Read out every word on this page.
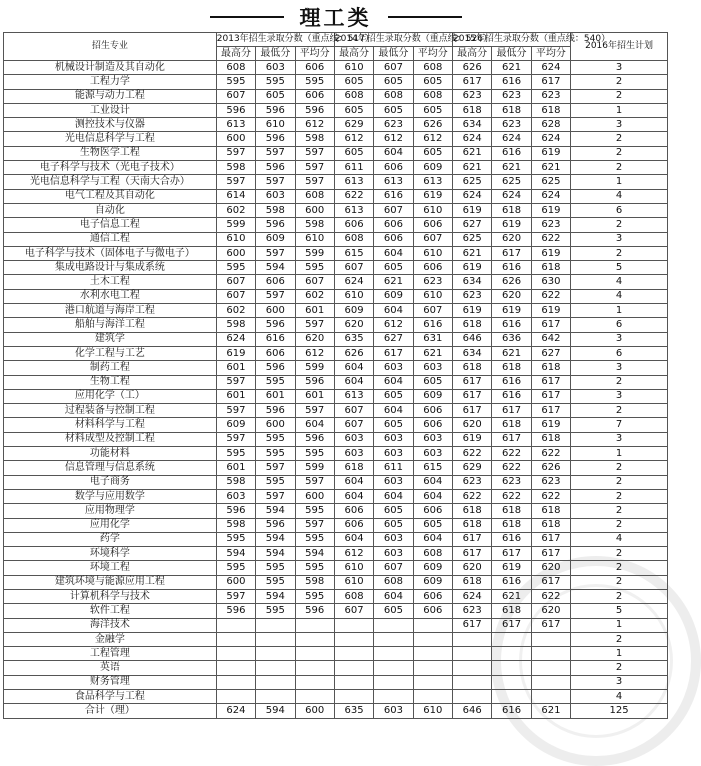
理工类
招生专业	2013年招生录取分数（重点线：517）			2014年招生录取分数（重点线：526）			2015年招生录取分数（重点线：540）			2016年招生计划
	最高分	最低分	平均分	最高分	最低分	平均分	最高分	最低分	平均分	
机械设计制造及其自动化	608	603	606	610	607	608	626	621	624	3
工程力学	595	595	595	605	605	605	617	616	617	2
能源与动力工程	607	605	606	608	608	608	623	623	623	2
工业设计	596	596	596	605	605	605	618	618	618	1
测控技术与仪器	613	610	612	629	623	626	634	623	628	3
光电信息科学与工程	600	596	598	612	612	612	624	624	624	2
生物医学工程	597	597	597	605	604	605	621	616	619	2
电子科学与技术（光电子技术）	598	596	597	611	606	609	621	621	621	2
光电信息科学与工程（天南大合办）	597	597	597	613	613	613	625	625	625	1
电气工程及其自动化	614	603	608	622	616	619	624	624	624	4
自动化	602	598	600	613	607	610	619	618	619	6
电子信息工程	599	596	598	606	606	606	627	619	623	2
通信工程	610	609	610	608	606	607	625	620	622	3
电子科学与技术（固体电子与微电子）	600	597	599	615	604	610	621	617	619	2
集成电路设计与集成系统	595	594	595	607	605	606	619	616	618	5
土木工程	607	606	607	624	621	623	634	626	630	4
水利水电工程	607	597	602	610	609	610	623	620	622	4
港口航道与海岸工程	602	600	601	609	604	607	619	619	619	1
船舶与海洋工程	598	596	597	620	612	616	618	616	617	6
建筑学	624	616	620	635	627	631	646	636	642	3
化学工程与工艺	619	606	612	626	617	621	634	621	627	6
制药工程	601	596	599	604	603	603	618	618	618	3
生物工程	597	595	596	604	604	605	617	616	617	2
应用化学（工）	601	601	601	613	605	609	617	616	617	3
过程装备与控制工程	597	596	597	607	604	606	617	617	617	2
材料科学与工程	609	600	604	607	605	606	620	618	619	7
材料成型及控制工程	597	595	596	603	603	603	619	617	618	3
功能材料	595	595	595	603	603	603	622	622	622	1
信息管理与信息系统	601	597	599	618	611	615	629	622	626	2
电子商务	598	595	597	604	603	604	623	623	623	2
数学与应用数学	603	597	600	604	604	604	622	622	622	2
应用物理学	596	594	595	606	605	606	618	618	618	2
应用化学	598	596	597	606	605	605	618	618	618	2
药学	595	594	595	604	603	604	617	616	617	4
环境科学	594	594	594	612	603	608	617	617	617	2
环境工程	595	595	595	610	607	609	620	619	620	2
建筑环境与能源应用工程	600	595	598	610	608	609	618	616	617	2
计算机科学与技术	597	594	595	608	604	606	624	621	622	2
软件工程	596	595	596	607	605	606	623	618	620	5
海洋技术							617	617	617	1
金融学										2
工程管理										1
英语										2
财务管理										3
食品科学与工程										4
合计（理）	624	594	600	635	603	610	646	616	621	125
